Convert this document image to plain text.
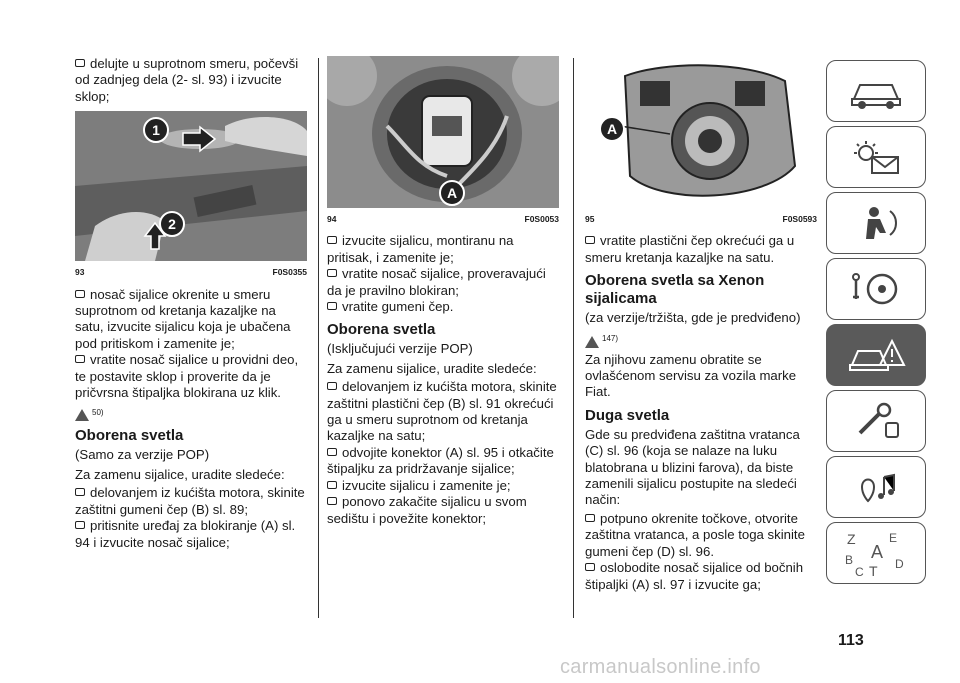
delujte u suprotnom smeru, počevši od zadnjeg dela (2- sl. 93) i izvucite sklop;

1
2
93	F0S0355

nosač sijalice okrenite u smeru suprotnom od kretanja kazaljke na satu, izvucite sijalicu koja je ubačena pod pritiskom i zamenite je;

vratite nosač sijalice u providni deo, te postavite sklop i proverite da je pričvrsna štipaljka blokirana uz klik.

50)
Oborena svetla

(Samo za verzije POP)

Za zamenu sijalice, uradite sledeće:

delovanjem iz kućišta motora, skinite zaštitni gumeni čep (B) sl. 89;

pritisnite uređaj za blokiranje (A) sl. 94 i izvucite nosač sijalice;

A
94	F0S0053

izvucite sijalicu, montiranu na pritisak, i zamenite je;

vratite nosač sijalice, proveravajući da je pravilno blokiran;

vratite gumeni čep.

Oborena svetla

(Isključujući verzije POP)

Za zamenu sijalice, uradite sledeće:

delovanjem iz kućišta motora, skinite zaštitni plastični čep (B) sl. 91 okrećući ga u smeru suprotnom od kretanja kazaljke na satu;

odvojite konektor (A) sl. 95 i otkačite štipaljku za pridržavanje sijalice;

izvucite sijalicu i zamenite je;

ponovo zakačite sijalicu u svom sedištu i povežite konektor;

A
95	F0S0593

vratite plastični čep okrećući ga u smeru kretanja kazaljke na satu.

Oborena svetla sa Xenon sijalicama

(za verzije/tržišta, gde je predviđeno)

147)

Za njihovu zamenu obratite se ovlašćenom servisu za vozila marke Fiat.

Duga svetla

Gde su predviđena zaštitna vratanca (C) sl. 96 (koja se nalaze na luku blatobrana u blizini farova), da biste zamenili sijalicu postupite na sledeći način:

potpuno okrenite točkove, otvorite zaštitna vratanca, a posle toga skinite gumeni čep (D) sl. 96.

oslobodite nosač sijalice od bočnih štipaljki (A) sl. 97 i izvucite ga;

Z	E
A
B
C T D
113
carmanualsonline.info
